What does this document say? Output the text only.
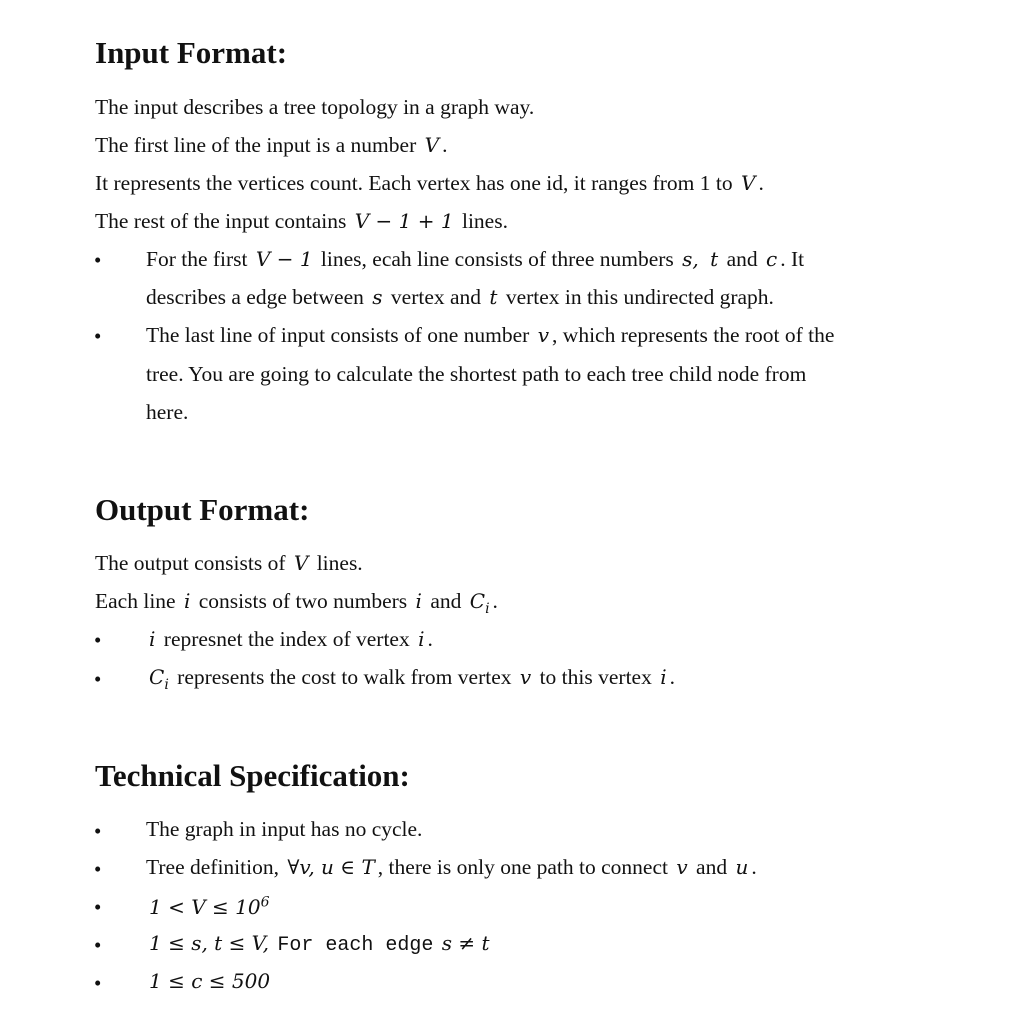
Input Format:

The input describes a tree topology in a graph way.

The first line of the input is a number V .

It represents the vertices count. Each vertex has one id, it ranges from 1 to V .

The rest of the input contains V − 1 + 1 lines.

• For the first V − 1 lines, ecah line consists of three numbers s, t and c . It

describes a edge between s vertex and t vertex in this undirected graph.

• The last line of input consists of one number v , which represents the root of the

tree. You are going to calculate the shortest path to each tree child node from

here.

Output Format:

The output consists of V lines.

Each line i consists of two numbers i and $C_i$ .

• i represnet the index of vertex i .

• $C_i$ represents the cost to walk from vertex v to this vertex i .

Technical Specification:
• The graph in input has no cycle.

• Tree definition, ∀v, u ∈ T , there is only one path to connect v and u .

• $1 < V \le 10^6$

• 1 ≤ s, t ≤ V, For each edge s ≠ t

• 1 ≤ c ≤ 500
